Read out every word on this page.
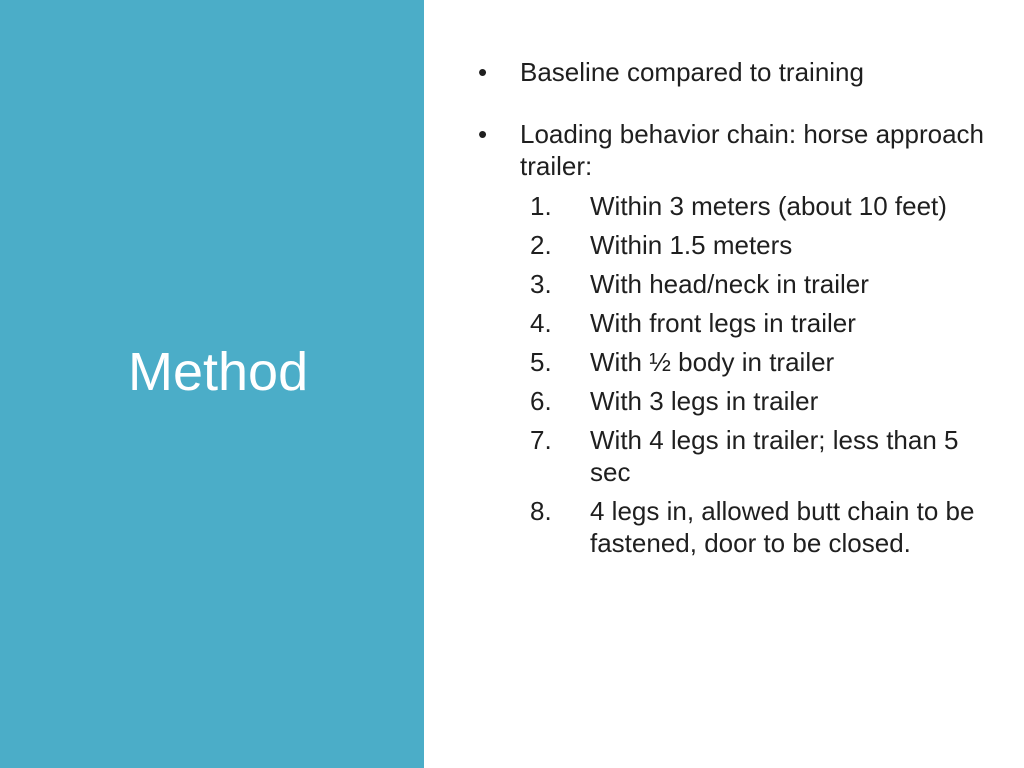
Method
•	Baseline compared to training
•	Loading behavior chain: horse approach trailer:
1.	Within 3 meters (about 10 feet)
2.	Within 1.5 meters
3.	With head/neck in trailer
4.	With front legs in trailer
5.	With ½ body in trailer
6.	With 3 legs in trailer
7.	With 4 legs in trailer; less than 5 sec
8.	4 legs in, allowed butt chain to be fastened, door to be closed.
